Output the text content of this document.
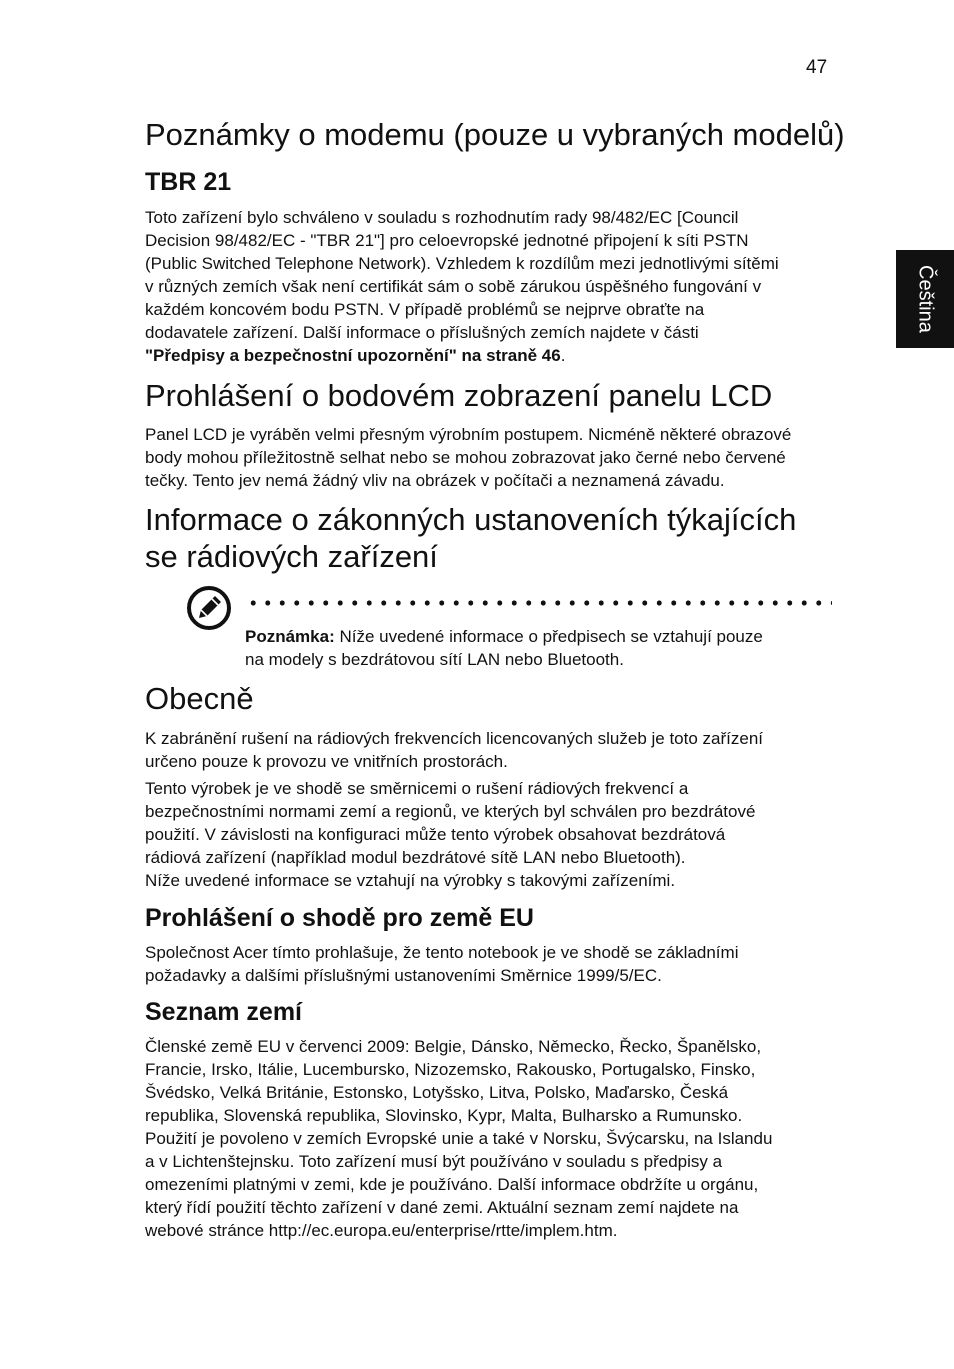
47
Čeština
Poznámky o modemu (pouze u vybraných modelů)
TBR 21

Toto zařízení bylo schváleno v souladu s rozhodnutím rady 98/482/EC [Council
Decision 98/482/EC - "TBR 21"] pro celoevropské jednotné připojení k síti PSTN
(Public Switched Telephone Network). Vzhledem k rozdílům mezi jednotlivými sítěmi
v různých zemích však není certifikát sám o sobě zárukou úspěšného fungování v
každém koncovém bodu PSTN. V případě problémů se nejprve obraťte na
dodavatele zařízení. Další informace o příslušných zemích najdete v části
"Předpisy a bezpečnostní upozornění" na straně 46.

Prohlášení o bodovém zobrazení panelu LCD

Panel LCD je vyráběn velmi přesným výrobním postupem. Nicméně některé obrazové
body mohou příležitostně selhat nebo se mohou zobrazovat jako černé nebo červené
tečky. Tento jev nemá žádný vliv na obrázek v počítači a neznamená závadu.

Informace o zákonných ustanoveních týkajících
se rádiových zařízení
Poznámka: Níže uvedené informace o předpisech se vztahují pouze
na modely s bezdrátovou sítí LAN nebo Bluetooth.
Obecně

K zabránění rušení na rádiových frekvencích licencovaných služeb je toto zařízení
určeno pouze k provozu ve vnitřních prostorách.

Tento výrobek je ve shodě se směrnicemi o rušení rádiových frekvencí a
bezpečnostními normami zemí a regionů, ve kterých byl schválen pro bezdrátové
použití. V závislosti na konfiguraci může tento výrobek obsahovat bezdrátová
rádiová zařízení (například modul bezdrátové sítě LAN nebo Bluetooth).
Níže uvedené informace se vztahují na výrobky s takovými zařízeními.

Prohlášení o shodě pro země EU

Společnost Acer tímto prohlašuje, že tento notebook je ve shodě se základními
požadavky a dalšími příslušnými ustanoveními Směrnice 1999/5/EC.

Seznam zemí

Členské země EU v červenci 2009: Belgie, Dánsko, Německo, Řecko, Španělsko,
Francie, Irsko, Itálie, Lucembursko, Nizozemsko, Rakousko, Portugalsko, Finsko,
Švédsko, Velká Británie, Estonsko, Lotyšsko, Litva, Polsko, Maďarsko, Česká
republika, Slovenská republika, Slovinsko, Kypr, Malta, Bulharsko a Rumunsko.
Použití je povoleno v zemích Evropské unie a také v Norsku, Švýcarsku, na Islandu
a v Lichtenštejnsku. Toto zařízení musí být používáno v souladu s předpisy a
omezeními platnými v zemi, kde je používáno. Další informace obdržíte u orgánu,
který řídí použití těchto zařízení v dané zemi. Aktuální seznam zemí najdete na
webové stránce http://ec.europa.eu/enterprise/rtte/implem.htm.
